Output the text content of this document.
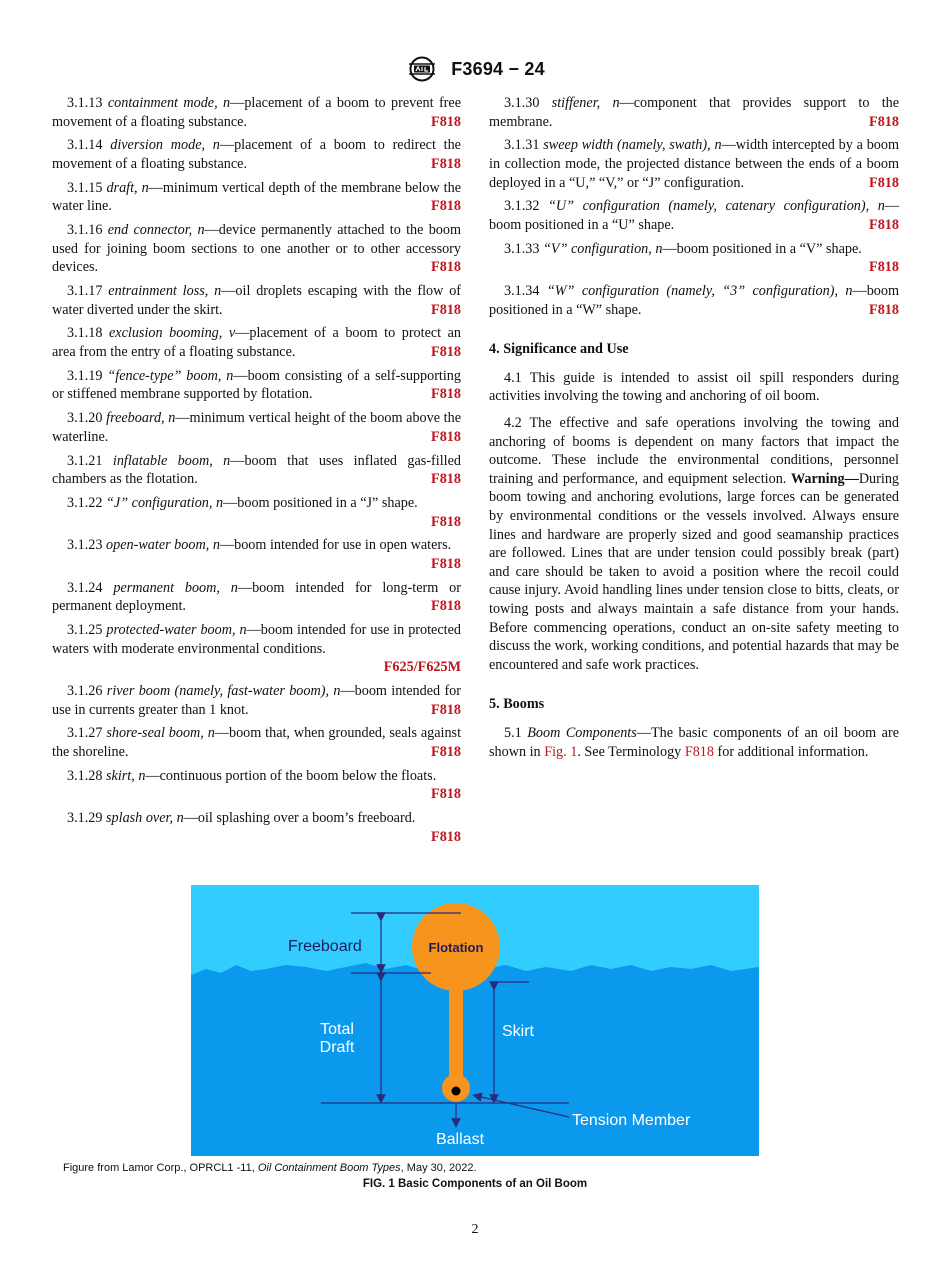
F3694 − 24

3.1.13 containment mode, n—placement of a boom to prevent free movement of a floating substance.	F818

3.1.14 diversion mode, n—placement of a boom to redirect the movement of a floating substance.	F818

3.1.15 draft, n—minimum vertical depth of the membrane below the water line.	F818

3.1.16 end connector, n—device permanently attached to the boom used for joining boom sections to one another or to other accessory devices.	F818

3.1.17 entrainment loss, n—oil droplets escaping with the flow of water diverted under the skirt.	F818

3.1.18 exclusion booming, v—placement of a boom to protect an area from the entry of a floating substance.	F818

3.1.19 “fence-type” boom, n—boom consisting of a self-supporting or stiffened membrane supported by flotation.	F818

3.1.20 freeboard, n—minimum vertical height of the boom above the waterline.	F818

3.1.21 inflatable boom, n—boom that uses inflated gas-filled chambers as the flotation.	F818

3.1.22 “J” configuration, n—boom positioned in a “J” shape.
F818

3.1.23 open-water boom, n—boom intended for use in open waters.
F818

3.1.24 permanent boom, n—boom intended for long-term or permanent deployment.	F818

3.1.25 protected-water boom, n—boom intended for use in protected waters with moderate environmental conditions.
F625/F625M

3.1.26 river boom (namely, fast-water boom), n—boom intended for use in currents greater than 1 knot.	F818

3.1.27 shore-seal boom, n—boom that, when grounded, seals against the shoreline.	F818

3.1.28 skirt, n—continuous portion of the boom below the floats.
F818

3.1.29 splash over, n—oil splashing over a boom’s freeboard.
F818

3.1.30 stiffener, n—component that provides support to the membrane.	F818

3.1.31 sweep width (namely, swath), n—width intercepted by a boom in collection mode, the projected distance between the ends of a boom deployed in a “U,” “V,” or “J” configuration.	F818

3.1.32 “U” configuration (namely, catenary configuration), n—boom positioned in a “U” shape.	F818

3.1.33 “V” configuration, n—boom positioned in a “V” shape.
F818

3.1.34 “W” configuration (namely, “3” configuration), n—boom positioned in a “W” shape.	F818

4. Significance and Use

4.1 This guide is intended to assist oil spill responders during activities involving the towing and anchoring of oil boom.

4.2 The effective and safe operations involving the towing and anchoring of booms is dependent on many factors that impact the outcome. These include the environmental conditions, personnel training and performance, and equipment selection. Warning—During boom towing and anchoring evolutions, large forces can be generated by environmental conditions or the vessels involved. Always ensure lines and hardware are properly sized and good seamanship practices are followed. Lines that are under tension could possibly break (part) and care should be taken to avoid a position where the recoil could cause injury. Avoid handling lines under tension close to bitts, cleats, or towing posts and always maintain a safe distance from your hands. Before commencing operations, conduct an on-site safety meeting to discuss the work, working conditions, and potential hazards that may be encountered and safe work practices.

5. Booms

5.1 Boom Components—The basic components of an oil boom are shown in Fig. 1. See Terminology F818 for additional information.

Freeboard	Flotation
Total
Draft
Skirt
Tension Member
Ballast
Figure from Lamor Corp., OPRCL1 -11, Oil Containment Boom Types, May 30, 2022.
FIG. 1 Basic Components of an Oil Boom
2
